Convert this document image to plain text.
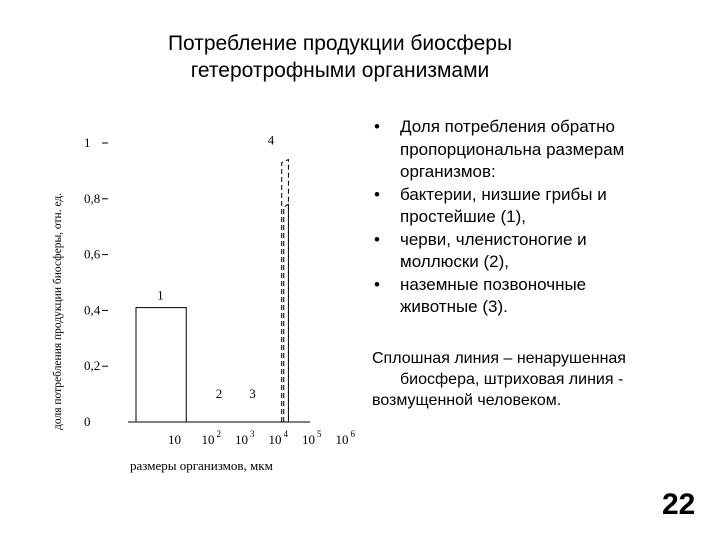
Потребление продукции биосферы
гетеротрофными организмами
доля потребления продукции биосферы, отн. ед.
размеры организмов, мкм
0
0,2
0,4
0,6
0,8
1
10 10 2 10 3 10 4 10 5 10 6
1
2 3
4
• Доля потребления обратно
пропорциональна размерам
организмов:
• бактерии, низшие грибы и
простейшие (1),
• черви, членистоногие и
моллюски (2),
• наземные позвоночные
животные (3).
Сплошная линия – ненарушенная
биосфера, штриховая линия -
возмущенной человеком.
22
